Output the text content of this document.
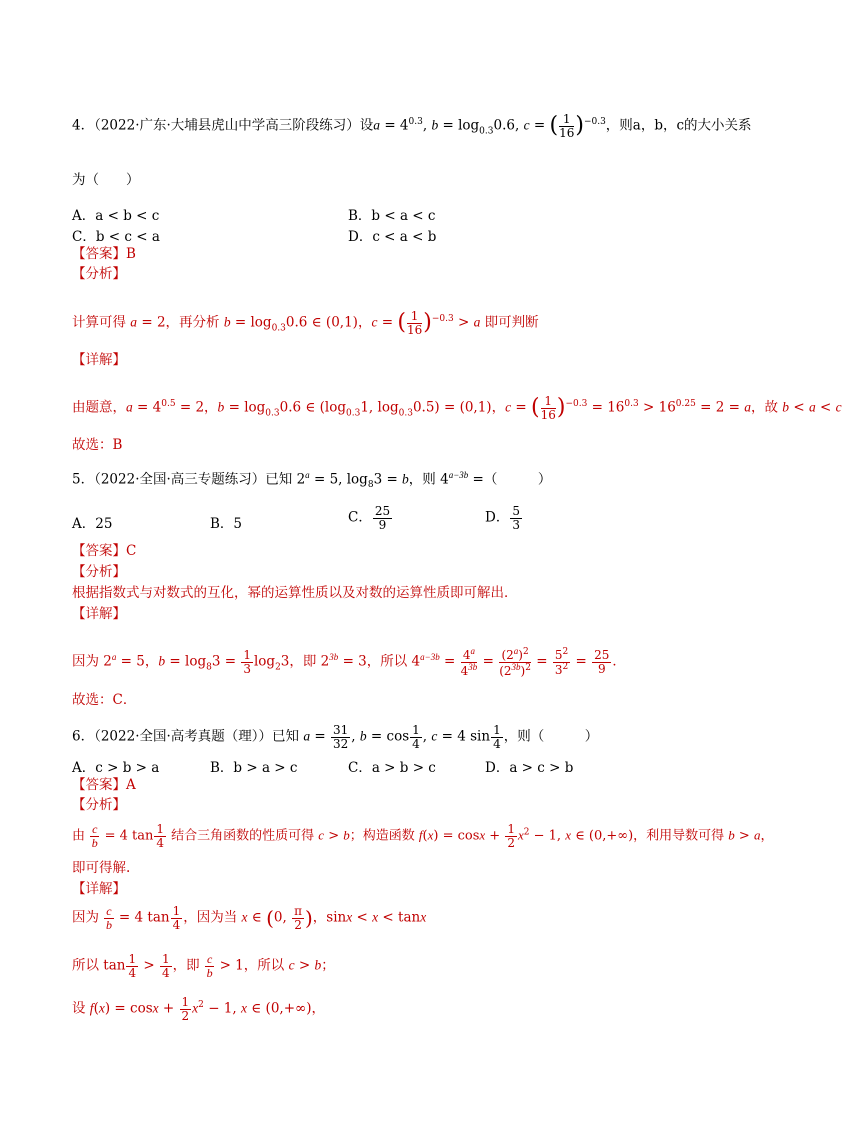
4．（2022·广东·大埔县虎山中学高三阶段练习）设$a = 4^{0.3}$, $b = \log_{0.3}0.6$, c = ( $\frac{1}{16} )^{-0.3}$，则a，b，c的大小关系
为（　　）
A．a < b < c	B．b < a < c
C．b < c < a	D．c < a < b
【答案】B
【分析】
计算可得 a = 2，再分析 $b = \log_{0.3}0.6$ ∈ (0,1)，c = ( $\frac{1}{16} )^{-0.3} > a$ 即可判断
【详解】
由题意，$a = 4^{0.5} = 2$，$b = \log_{0.3}0.6$ ∈ ($\log_{0.3}1$, $\log_{0.3}0.5) = (0,1)$，c = ( $\frac{1}{16} )^{-0.3} = 16^{0.3} > 16^{0.25} = 2 = a$，故 b < a < c
故选：B
5．（2022·全国·高三专题练习）已知 $2^a = 5$, $\log_83 = b$，则 $4^{a-3b}$ =（　　　）
A．25	B．5	C． $\frac{25}{9}$	D． $\frac{5}{3}$
【答案】C
【分析】
根据指数式与对数式的互化，幂的运算性质以及对数的运算性质即可解出．
【详解】
因为 $2^a = 5$，$b = \log_83 = \frac{1}{3} \log_23$，即 $2^{3b} = 3$，所以 $4^{a-3b} = \frac{4^a}{4^{3b}} = \frac{(2^a)^2}{(2^{3b})^2} = \frac{5^2}{3^2} = \frac{25}{9}$ ．
故选：C．
6．（2022·全国·高考真题（理））已知 $a = \frac{31}{32}$ , $b = \cos \frac{1}{4}$ , c = 4 $\sin \frac{1}{4}$ ，则（　　　）
A．c > b > a	B．b > a > c	C．a > b > c	D．a > c > b
【答案】A
【分析】
由 $\frac{c}{b} = 4$ $\tan \frac{1}{4}$ 结合三角函数的性质可得 c > b；构造函数 $f(x) = \cos x + \frac{1}{2} x^2 - 1$, x ∈ (0,+∞)，利用导数可得 b > a，
即可得解.
【详解】
因为 $\frac{c}{b} = 4$ $\tan \frac{1}{4}$ ，因为当 x ∈ (0, $\frac{\pi}{2}$ )，sinx < x < tanx
所以 $\tan \frac{1}{4} > \frac{1}{4}$ ，即 $\frac{c}{b} > 1$，所以 c > b；
设 $f(x) = \cos x + \frac{1}{2} x^2 - 1$, x ∈ (0,+∞)，
